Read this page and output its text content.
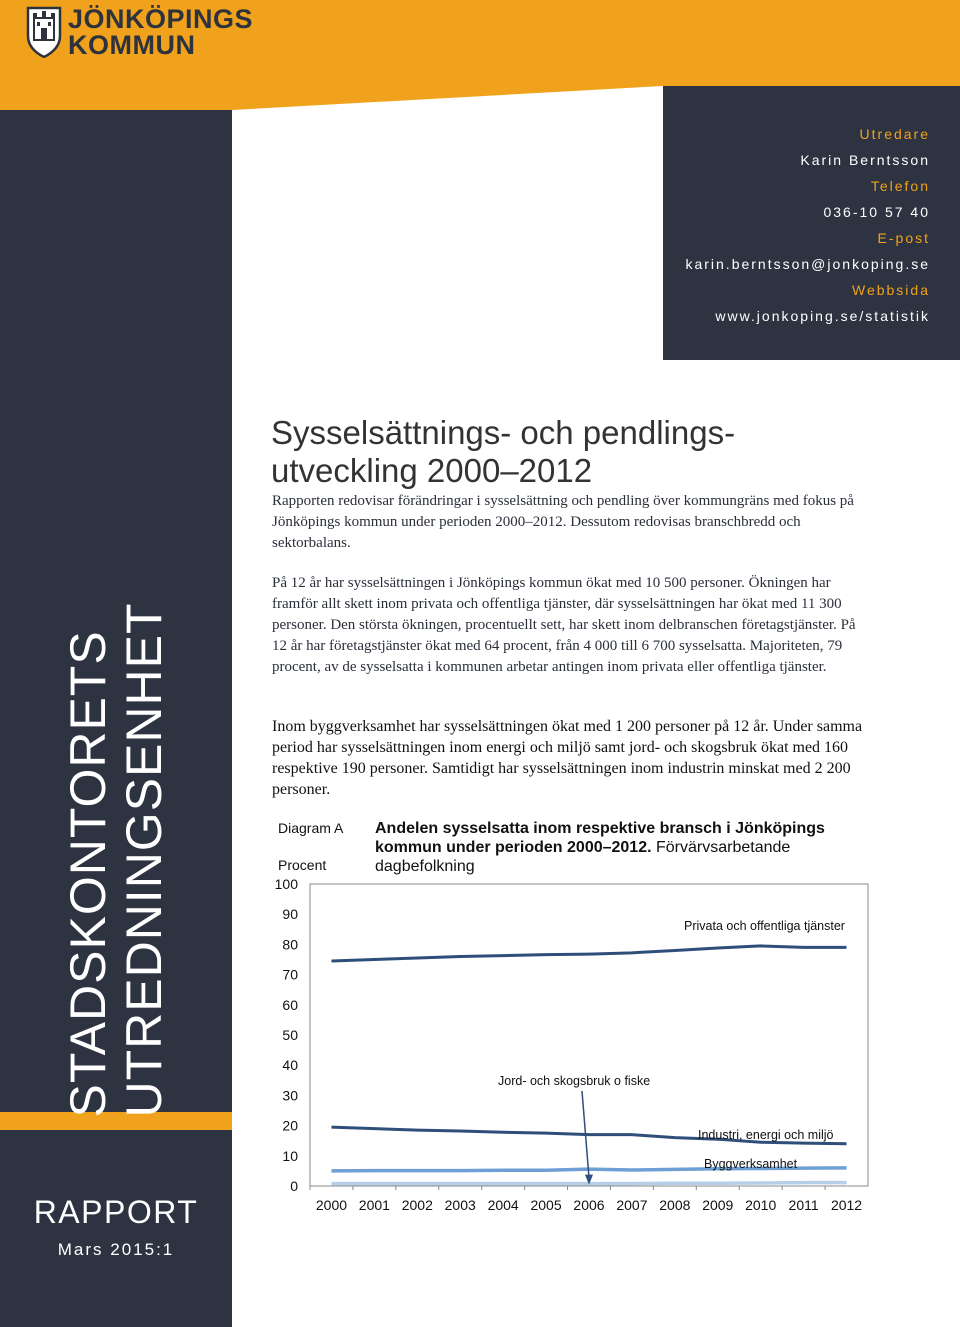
JÖNKÖPINGS
KOMMUN
STADSKONTORETS UTREDNINGSENHET
RAPPORT
Mars 2015:1
Utredare
Karin Berntsson
Telefon
036-10 57 40
E-post
karin.berntsson@jonkoping.se
Webbsida
www.jonkoping.se/statistik
Sysselsättnings- och pendlings-
utveckling 2000–2012

Rapporten redovisar förändringar i sysselsättning och pendling över kommungräns med fokus på Jönköpings kommun under perioden 2000–2012. Dessutom redovisas branschbredd och sektorbalans.

På 12 år har sysselsättningen i Jönköpings kommun ökat med 10 500 personer. Ökningen har framför allt skett inom privata och offentliga tjänster, där sysselsättningen har ökat med 11 300 personer. Den största ökningen, procentuellt sett, har skett inom delbranschen företagstjänster. På 12 år har företagstjänster ökat med 64 procent, från 4 000 till 6 700 sysselsatta. Majoriteten, 79 procent, av de sysselsatta i kommunen arbetar antingen inom privata eller offentliga tjänster.

Inom byggverksamhet har sysselsättningen ökat med 1 200 personer på 12 år. Under samma period har sysselsättningen inom energi och miljö samt jord- och skogsbruk ökat med 160 respektive 190 personer. Samtidigt har sysselsättningen inom industrin minskat med 2 200 personer.

Diagram A Andelen sysselsatta inom respektive bransch i Jönköpings kommun under perioden 2000–2012. Förvärvsarbetande dagbefolkning
Procent
0
10
20
30
40
50
60
70
80
90
100
2000 2001 2002 2003 2004 2005 2006 2007 2008 2009 2010 2011 2012
Privata och offentliga tjänster
Industri, energi och miljö
Byggverksamhet
Jord- och skogsbruk o fiske
